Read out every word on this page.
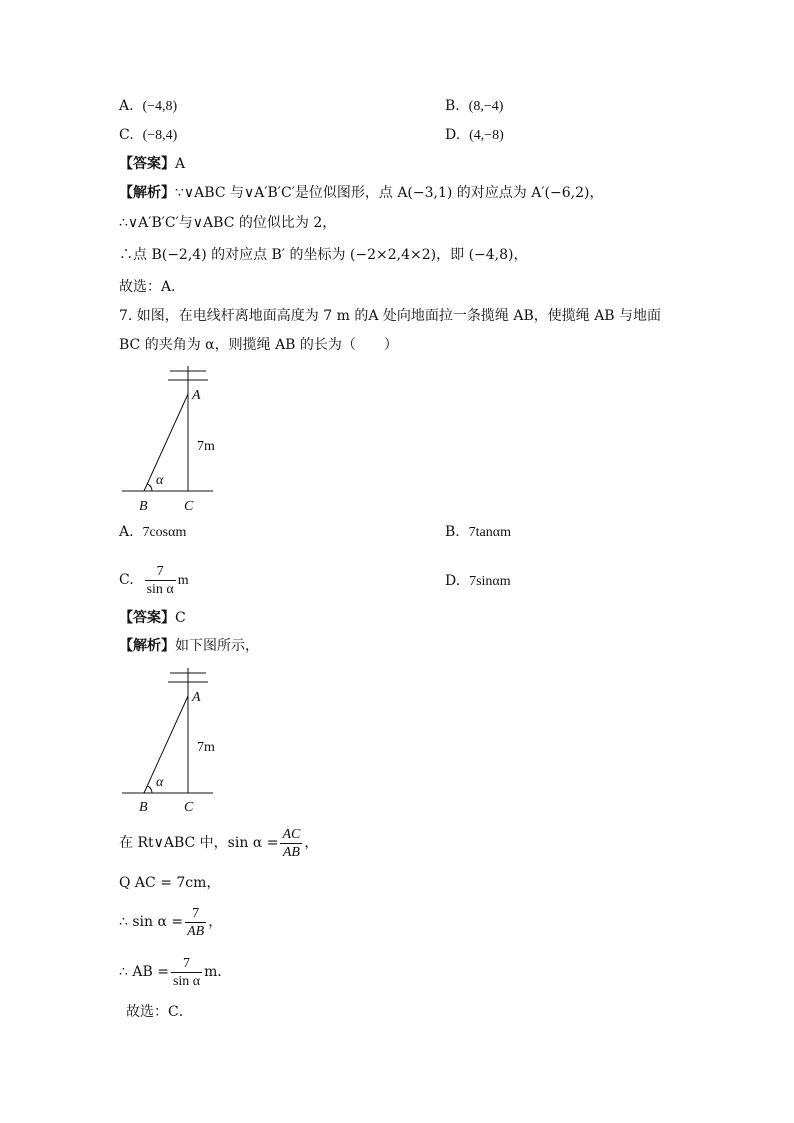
A. (−4,8)	B. (8,−4)
C. (−8,4)	D. (4,−8)
【答案】A
【解析】∵∨ABC 与∨A′B′C′是位似图形，点 A(−3,1) 的对应点为 A′(−6,2)，
∴∨A′B′C′与∨ABC 的位似比为 2，
∴点 B(−2,4) 的对应点 B′ 的坐标为 (−2×2,4×2)，即 (−4,8)，
故选：A．
7. 如图，在电线杆离地面高度为 7 m 的A 处向地面拉一条揽绳 AB，使揽绳 AB 与地面
BC 的夹角为 α，则揽绳 AB 的长为（　　）
A
7m
α
B	C
A. 7cosαm	B. 7tanαm
C. $\frac{7}{\text{sin α}}$ m	D. 7sinαm
【答案】C
【解析】如下图所示，
A
7m
α
B	C
在 Rt∨ABC 中，$\sin \alpha = \frac{AC}{AB}$ ，
Q AC = 7cm，
∴ $\sin \alpha = \frac{7}{AB}$ ，
∴ AB = $\frac{7}{\text{sin α}}$ m．
故选：C．
